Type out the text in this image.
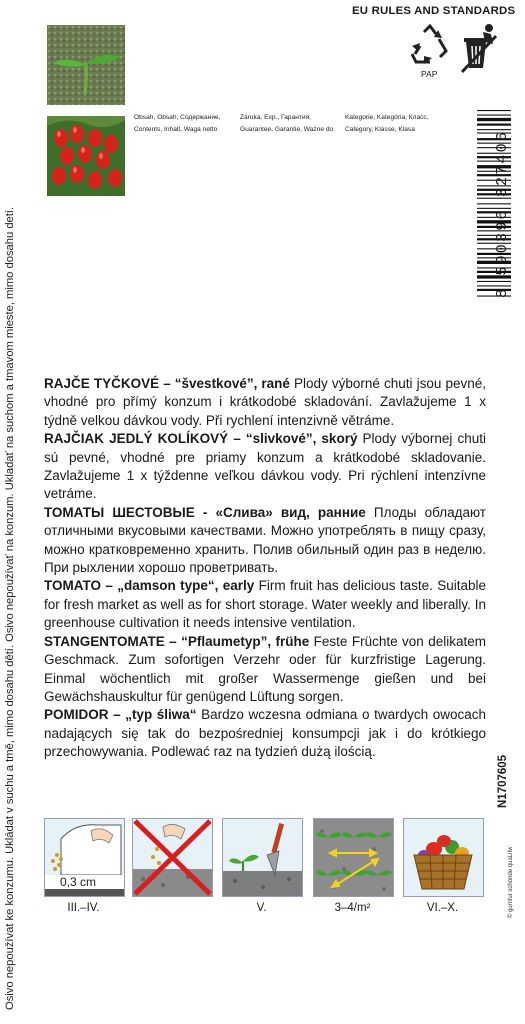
Osivo nepoužívat ke konzumu. Ukládat v suchu a tmě, mimo dosahu dětí. Osivo nepoužívať na konzum. Ukladať na suchom a tmavom mieste, mimo dosahu detí.
EU RULES AND STANDARDS
PAP
Obsah, Obsah, Содержание,
Contents, Inhalt, Waga netto
Záruka, Exp., Гарантия,
Guarantee, Garantie, Ważne do
Kategorie, Kategória, Класс,
Category, Klasse, Klasa
8 590396 327406

RAJČE TYČKOVÉ – “švestkové”, rané Plody výborné chuti jsou pevné, vhodné pro přímý konzum i krátkodobé skladování. Zavlažujeme 1 x týdně velkou dávkou vody. Při rychlení intenzivně větráme.

RAJČIAK JEDLÝ KOLÍKOVÝ – “slivkové”, skorý Plody výbornej chuti sú pevné, vhodné pre priamy konzum a krátkodobé skladovanie. Zavlažujeme 1 x týždenne veľkou dávkou vody. Pri rýchlení intenzívne vetráme.

ТОМАТЫ ШЕСТОВЫЕ - «Слива» вид, ранние Плоды обладают отличными вкусовыми качествами. Можно употреблять в пищу сразу, можно кратковременно хранить. Полив обильный один раз в неделю. При рыхлении хорошо проветривать.

TOMATO – „damson type“, early Firm fruit has delicious taste. Suitable for fresh market as well as for short storage. Water weekly and liberally. In greenhouse cultivation it needs intensive ventilation.

STANGENTOMATE – “Pflaumetyp”, frühe Feste Früchte von delikatem Geschmack. Zum sofortigen Verzehr oder für kurzfristige Lagerung. Einmal wöchentlich mit großer Wassermenge gießen und bei Gewächshauskultur für genügend Lüftung sorgen.

POMIDOR – „typ śliwa“ Bardzo wczesna odmiana o twardych owocach nadających się tak do bezpośredniej konsumpcji jak i do krótkiego przechowywania. Podlewać raz na tydzień dużą ilością.

N1707605
© gumfur schonde quaLitw
0,3 cm
III.–IV.	V.	3–4/m²	VI.–X.
